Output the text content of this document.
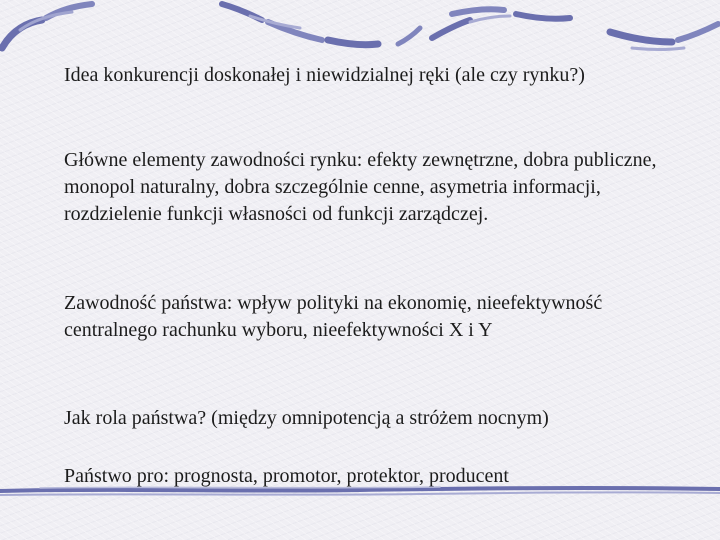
Idea konkurencji doskonałej i niewidzialnej ręki (ale czy rynku?)

Główne elementy zawodności rynku: efekty zewnętrzne, dobra publiczne, monopol naturalny, dobra szczególnie cenne, asymetria informacji, rozdzielenie funkcji własności od funkcji zarządczej.

Zawodność państwa: wpływ polityki na ekonomię, nieefektywność centralnego rachunku wyboru, nieefektywności X i Y

Jak rola państwa? (między omnipotencją a stróżem nocnym)

Państwo pro: prognosta, promotor, protektor, producent
